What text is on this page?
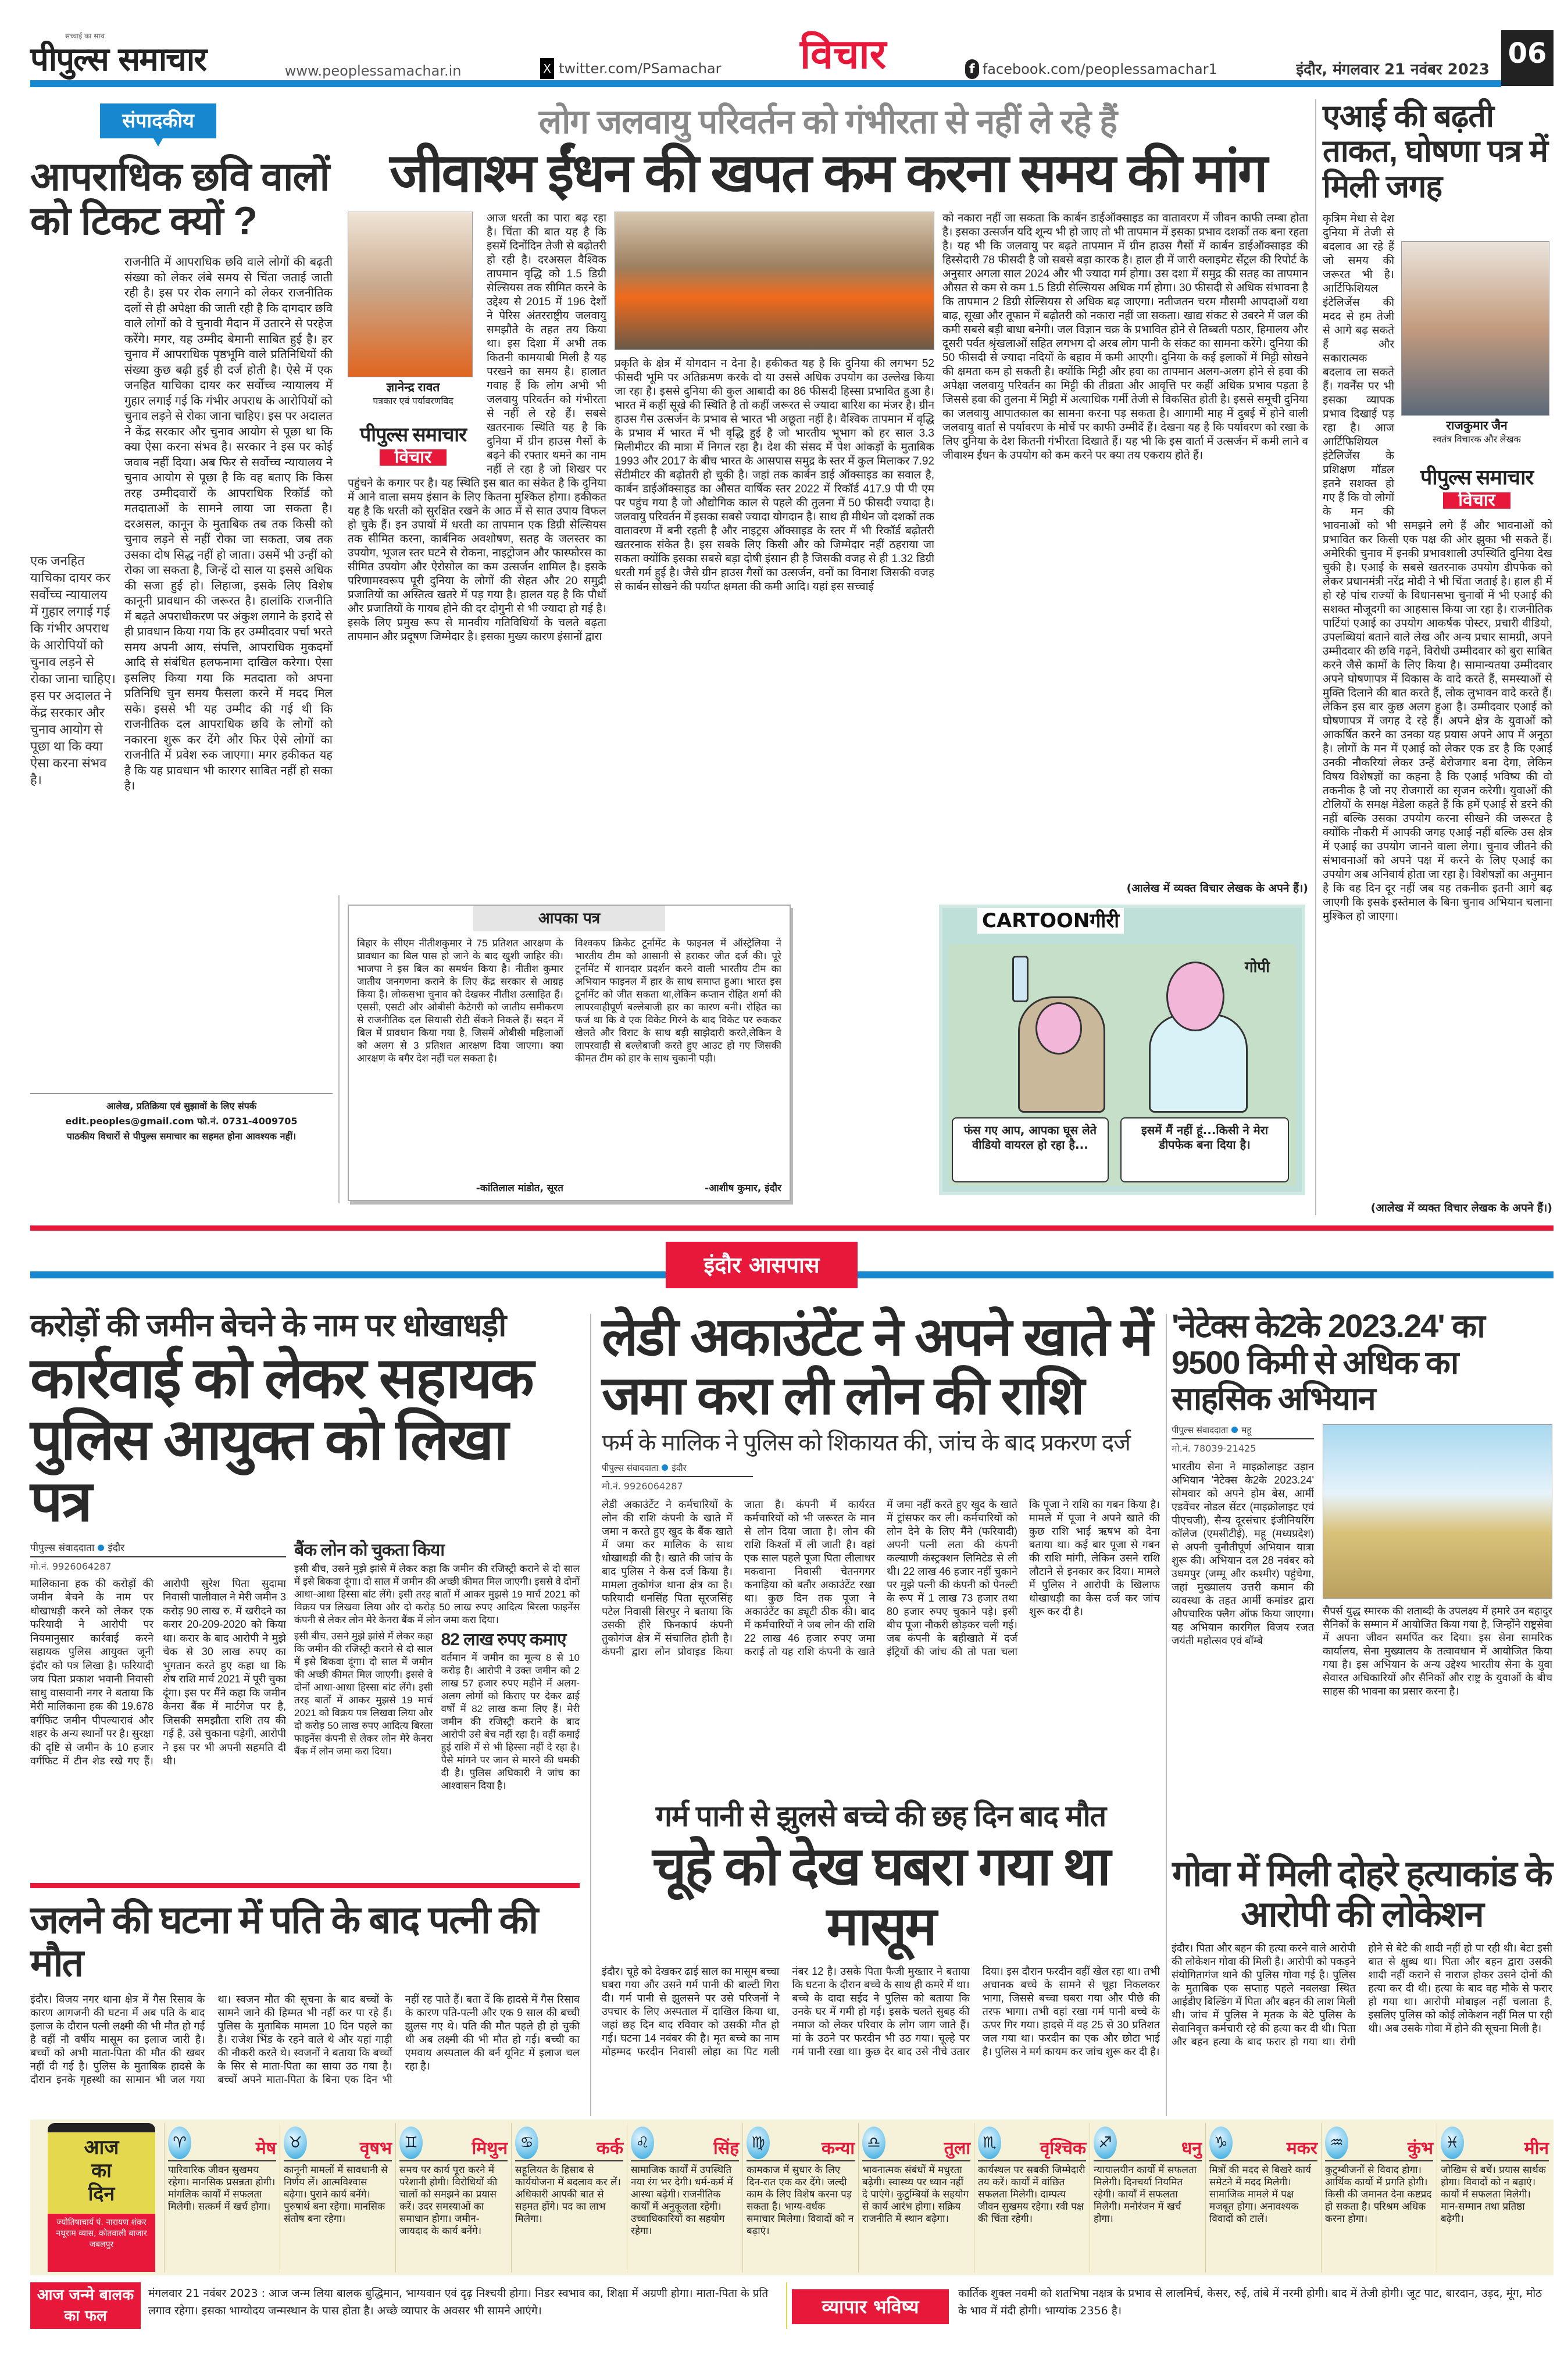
सच्चाई का साथ
पीपुल्स समाचार	www.peoplessamachar.in	X twitter.com/PSamachar विचार	f facebook.com/peoplessamachar1	इंदौर, मंगलवार 21 नवंबर 2023 06
संपादकीय
आपराधिक छवि वालों को टिकट क्यों ?
एक जनहित याचिका दायर कर सर्वोच्च न्यायालय में गुहार लगाई गई कि गंभीर अपराध के आरोपियों को चुनाव लड़ने से रोका जाना चाहिए। इस पर अदालत ने केंद्र सरकार और चुनाव आयोग से पूछा था कि क्या ऐसा करना संभव है।
राजनीति में आपराधिक छवि वाले लोगों की बढ़ती संख्या को लेकर लंबे समय से चिंता जताई जाती रही है। इस पर रोक लगाने को लेकर राजनीतिक दलों से ही अपेक्षा की जाती रही है कि दागदार छवि वाले लोगों को वे चुनावी मैदान में उतारने से परहेज करेंगे। मगर, यह उम्मीद बेमानी साबित हुई है। हर चुनाव में आपराधिक पृष्ठभूमि वाले प्रतिनिधियों की संख्या कुछ बढ़ी हुई ही दर्ज होती है। ऐसे में एक जनहित याचिका दायर कर सर्वोच्च न्यायालय में गुहार लगाई गई कि गंभीर अपराध के आरोपियों को चुनाव लड़ने से रोका जाना चाहिए। इस पर अदालत ने केंद्र सरकार और चुनाव आयोग से पूछा था कि क्या ऐसा करना संभव है। सरकार ने इस पर कोई जवाब नहीं दिया। अब फिर से सर्वोच्च न्यायालय ने चुनाव आयोग से पूछा है कि वह बताए कि किस तरह उम्मीदवारों के आपराधिक रिकॉर्ड को मतदाताओं के सामने लाया जा सकता है। दरअसल, कानून के मुताबिक तब तक किसी को चुनाव लड़ने से नहीं रोका जा सकता, जब तक उसका दोष सिद्ध नहीं हो जाता। उसमें भी उन्हीं को रोका जा सकता है, जिन्हें दो साल या इससे अधिक की सजा हुई हो। लिहाजा, इसके लिए विशेष कानूनी प्रावधान की जरूरत है। हालांकि राजनीति में बढ़ते अपराधीकरण पर अंकुश लगाने के इरादे से ही प्रावधान किया गया कि हर उम्मीदवार पर्चा भरते समय अपनी आय, संपत्ति, आपराधिक मुकदमों आदि से संबंधित हलफनामा दाखिल करेगा। ऐसा इसलिए किया गया कि मतदाता को अपना प्रतिनिधि चुन समय फैसला करने में मदद मिल सके। इससे भी यह उम्मीद की गई थी कि राजनीतिक दल आपराधिक छवि के लोगों को नकारना शुरू कर देंगे और फिर ऐसे लोगों का राजनीति में प्रवेश रुक जाएगा। मगर हकीकत यह है कि यह प्रावधान भी कारगर साबित नहीं हो सका है।
आलेख, प्रतिक्रिया एवं सुझावों के लिए संपर्क
edit.peoples@gmail.com फो.नं. 0731-4009705
पाठकीय विचारों से पीपुल्स समाचार का सहमत होना आवश्यक नहीं।
लोग जलवायु परिवर्तन को गंभीरता से नहीं ले रहे हैं
जीवाश्म ईंधन की खपत कम करना समय की मांग
ज्ञानेन्द्र रावत
पत्रकार एवं पर्यावरणविद
पीपुल्स समाचार
विचार
आज धरती का पारा बढ़ रहा है। चिंता की बात यह है कि इसमें दिनोंदिन तेजी से बढ़ोतरी हो रही है। दरअसल वैश्विक तापमान वृद्धि को 1.5 डिग्री सेल्सियस तक सीमित करने के उद्देश्य से 2015 में 196 देशों ने पेरिस अंतरराष्ट्रीय जलवायु समझौते के तहत तय किया था। इस दिशा में अभी तक कितनी कामयाबी मिली है यह परखने का समय है। हालात गवाह हैं कि लोग अभी भी जलवायु परिवर्तन को गंभीरता से नहीं ले रहे हैं। सबसे खतरनाक स्थिति यह है कि दुनिया में ग्रीन हाउस गैसों के बढ़ने की रफ्तार थमने का नाम नहीं ले रहा है जो शिखर पर पहुंचने के कगार पर है। यह स्थिति इस बात का संकेत है कि दुनिया में आने वाला समय इंसान के लिए कितना मुश्किल होगा। हकीकत यह है कि धरती को सुरक्षित रखने के आठ में से सात उपाय विफल हो चुके हैं। इन उपायों में धरती का तापमान एक डिग्री सेल्सियस तक सीमित करना, कार्बनिक अवशोषण, सतह के जलस्तर का उपयोग, भूजल स्तर घटने से रोकना, नाइट्रोजन और फास्फोरस का सीमित उपयोग और ऐरोसोल का कम उत्सर्जन शामिल है। इसके परिणामस्वरूप पूरी दुनिया के लोगों की सेहत और 20 समुद्री प्रजातियों का अस्तित्व खतरे में पड़ गया है। हालत यह है कि पौधों और प्रजातियों के गायब होने की दर दोगुनी से भी ज्यादा हो गई है। इसके लिए प्रमुख रूप से मानवीय गतिविधियों के चलते बढ़ता तापमान और प्रदूषण जिम्मेदार है। इसका मुख्य कारण इंसानों द्वारा
प्रकृति के क्षेत्र में योगदान न देना है। हकीकत यह है कि दुनिया की लगभग 52 फीसदी भूमि पर अतिक्रमण करके दो या उससे अधिक उपयोग का उल्लेख किया जा रहा है। इससे दुनिया की कुल आबादी का 86 फीसदी हिस्सा प्रभावित हुआ है। भारत में कहीं सूखे की स्थिति है तो कहीं जरूरत से ज्यादा बारिश का मंजर है। ग्रीन हाउस गैस उत्सर्जन के प्रभाव से भारत भी अछूता नहीं है। वैश्विक तापमान में वृद्धि के प्रभाव में भारत में भी वृद्धि हुई है जो भारतीय भूभाग को हर साल 3.3 मिलीमीटर की मात्रा में निगल रहा है। देश की संसद में पेश आंकड़ों के मुताबिक 1993 और 2017 के बीच भारत के आसपास समुद्र के स्तर में कुल मिलाकर 7.92 सेंटीमीटर की बढ़ोतरी हो चुकी है। जहां तक कार्बन डाई ऑक्साइड का सवाल है, कार्बन डाईऑक्साइड का औसत वार्षिक स्तर 2022 में रिकॉर्ड 417.9 पी पी एम पर पहुंच गया है जो औद्योगिक काल से पहले की तुलना में 50 फीसदी ज्यादा है। जलवायु परिवर्तन में इसका सबसे ज्यादा योगदान है। साथ ही मीथेन जो दशकों तक वातावरण में बनी रहती है और नाइट्रस ऑक्साइड के स्तर में भी रिकॉर्ड बढ़ोतरी खतरनाक संकेत है। इस सबके लिए किसी और को जिम्मेदार नहीं ठहराया जा सकता क्योंकि इसका सबसे बड़ा दोषी इंसान ही है जिसकी वजह से ही 1.32 डिग्री धरती गर्म हुई है। जैसे ग्रीन हाउस गैसों का उत्सर्जन, वनों का विनाश जिसकी वजह से कार्बन सोखने की पर्याप्त क्षमता की कमी आदि। यहां इस सच्चाई
को नकारा नहीं जा सकता कि कार्बन डाईऑक्साइड का वातावरण में जीवन काफी लम्बा होता है। इसका उत्सर्जन यदि शून्य भी हो जाए तो भी तापमान में इसका प्रभाव दशकों तक बना रहता है। यह भी कि जलवायु पर बढ़ते तापमान में ग्रीन हाउस गैसों में कार्बन डाईऑक्साइड की हिस्सेदारी 78 फीसदी है जो सबसे बड़ा कारक है। हाल ही में जारी क्लाइमेट सेंट्रल की रिपोर्ट के अनुसार अगला साल 2024 और भी ज्यादा गर्म होगा। उस दशा में समुद्र की सतह का तापमान औसत से कम से कम 1.5 डिग्री सेल्सियस अधिक गर्म होगा। 30 फीसदी से अधिक संभावना है कि तापमान 2 डिग्री सेल्सियस से अधिक बढ़ जाएगा। नतीजतन चरम मौसमी आपदाओं यथा बाढ़, सूखा और तूफान में बढ़ोतरी को नकारा नहीं जा सकता। खाद्य संकट से उबरने में जल की कमी सबसे बड़ी बाधा बनेगी। जल विज्ञान चक्र के प्रभावित होने से तिब्बती पठार, हिमालय और दूसरी पर्वत श्रृंखलाओं सहित लगभग दो अरब लोग पानी के संकट का सामना करेंगे। दुनिया की 50 फीसदी से ज्यादा नदियों के बहाव में कमी आएगी। दुनिया के कई इलाकों में मिट्टी सोखने की क्षमता कम हो सकती है। क्योंकि मिट्टी और हवा का तापमान अलग-अलग होने से हवा की अपेक्षा जलवायु परिवर्तन का मिट्टी की तीव्रता और आवृत्ति पर कहीं अधिक प्रभाव पड़ता है जिससे हवा की तुलना में मिट्टी में अत्याधिक गर्मी तेजी से विकसित होती है। इससे समूची दुनिया का जलवायु आपातकाल का सामना करना पड़ सकता है। आगामी माह में दुबई में होने वाली जलवायु वार्ता से पर्यावरण के मोर्चे पर काफी उम्मीदें हैं। देखना यह है कि पर्यावरण को रखा के लिए दुनिया के देश कितनी गंभीरता दिखाते हैं। यह भी कि इस वार्ता में उत्सर्जन में कमी लाने व जीवाश्म ईंधन के उपयोग को कम करने पर क्या तय एकराय होते हैं।
(आलेख में व्यक्त विचार लेखक के अपने हैं।)
एआई की बढ़ती ताकत, घोषणा पत्र में मिली जगह
राजकुमार जैन
स्वतंत्र विचारक और लेखक
पीपुल्स समाचार
विचार
कृत्रिम मेधा से देश दुनिया में तेजी से बदलाव आ रहे हैं जो समय की जरूरत भी है। आर्टिफिशियल इंटेलिजेंस की मदद से हम तेजी से आगे बढ़ सकते हैं और सकारात्मक बदलाव ला सकते हैं। गवर्नेंस पर भी इसका व्यापक प्रभाव दिखाई पड़ रहा है। आज आर्टिफिशियल इंटेलिजेंस के प्रशिक्षण मॉडल इतने सशक्त हो गए हैं कि वो लोगों के मन की भावनाओं को भी समझने लगे हैं और भावनाओं को प्रभावित कर किसी एक पक्ष की ओर झुका भी सकते हैं। अमेरिकी चुनाव में इनकी प्रभावशाली उपस्थिति दुनिया देख चुकी है। एआई के सबसे खतरनाक उपयोग डीपफेक को लेकर प्रधानमंत्री नरेंद्र मोदी ने भी चिंता जताई है। हाल ही में हो रहे पांच राज्यों के विधानसभा चुनावों में भी एआई की सशक्त मौजूदगी का आहसास किया जा रहा है। राजनीतिक पार्टियां एआई का उपयोग आकर्षक पोस्टर, प्रचारी वीडियो, उपलब्धियां बताने वाले लेख और अन्य प्रचार सामग्री, अपने उम्मीदवार की छवि गढ़ने, विरोधी उम्मीदवार को बुरा साबित करने जैसे कामों के लिए किया है। सामान्यतया उम्मीदवार अपने घोषणापत्र में विकास के वादे करते हैं, समस्याओं से मुक्ति दिलाने की बात करते हैं, लोक लुभावन वादे करते हैं। लेकिन इस बार कुछ अलग हुआ है। उम्मीदवार एआई को घोषणापत्र में जगह दे रहे हैं। अपने क्षेत्र के युवाओं को आकर्षित करने का उनका यह प्रयास अपने आप में अनूठा है। लोगों के मन में एआई को लेकर एक डर है कि एआई उनकी नौकरियां लेकर उन्हें बेरोजगार बना देगा, लेकिन विषय विशेषज्ञों का कहना है कि एआई भविष्य की वो तकनीक है जो नए रोजगारों का सृजन करेगी। युवाओं की टोलियों के समक्ष मेंडेला कहते हैं कि हमें एआई से डरने की नहीं बल्कि उसका उपयोग करना सीखने की जरूरत है क्योंकि नौकरी में आपकी जगह एआई नहीं बल्कि उस क्षेत्र में एआई का उपयोग जानने वाला लेगा। चुनाव जीतने की संभावनाओं को अपने पक्ष में करने के लिए एआई का उपयोग अब अनिवार्य होता जा रहा है। विशेषज्ञों का अनुमान है कि वह दिन दूर नहीं जब यह तकनीक इतनी आगे बढ़ जाएगी कि इसके इस्तेमाल के बिना चुनाव अभियान चलाना मुश्किल हो जाएगा।
(आलेख में व्यक्त विचार लेखक के अपने हैं।)
आपका पत्र
बिहार के सीएम नीतीशकुमार ने 75 प्रतिशत आरक्षण के प्रावधान का बिल पास हो जाने के बाद खुशी जाहिर की। भाजपा ने इस बिल का समर्थन किया है। नीतीश कुमार जातीय जनगणना कराने के लिए केंद्र सरकार से आग्रह किया है। लोकसभा चुनाव को देखकर नीतीश उत्साहित हैं। एससी, एसटी और ओबीसी कैटेगरी को जातीय समीकरण से राजनीतिक दल सियासी रोटी सेंकने निकले हैं। सदन में बिल में प्रावधान किया गया है, जिसमें ओबीसी महिलाओं को अलग से 3 प्रतिशत आरक्षण दिया जाएगा। क्या आरक्षण के बगैर देश नहीं चल सकता है।
-कांतिलाल मांडोत, सूरत
विश्वकप क्रिकेट टूर्नामेंट के फाइनल में ऑस्ट्रेलिया ने भारतीय टीम को आसानी से हराकर जीत दर्ज की। पूरे टूर्नामेंट में शानदार प्रदर्शन करने वाली भारतीय टीम का अभियान फाइनल में हार के साथ समाप्त हुआ। भारत इस टूर्नामेंट को जीत सकता था,लेकिन कप्तान रोहित शर्मा की लापरवाहीपूर्ण बल्लेबाजी हार का कारण बनी। रोहित का फर्ज था कि वे एक विकेट गिरने के बाद विकेट पर रुककर खेलते और विराट के साथ बड़ी साझेदारी करते,लेकिन वे लापरवाही से बल्लेबाजी करते हुए आउट हो गए जिसकी कीमत टीम को हार के साथ चुकानी पड़ी।
-आशीष कुमार, इंदौर
CARTOONगीरी
गोपी
फंस गए आप, आपका घूस लेते वीडियो वायरल हो रहा है...
इसमें मैं नहीं हूं...किसी ने मेरा डीपफेक बना दिया है।
इंदौर आसपास
करोड़ों की जमीन बेचने के नाम पर धोखाधड़ी
कार्रवाई को लेकर सहायक पुलिस आयुक्त को लिखा पत्र
पीपुल्स संवाददाता इंदौर
मो.नं. 9926064287
मालिकाना हक की करोड़ों की जमीन बेचने के नाम पर धोखाधड़ी करने को लेकर एक फरियादी ने आरोपी पर नियमानुसार कार्रवाई करने सहायक पुलिस आयुक्त जूनी इंदौर को पत्र लिखा है। फरियादी जय पिता प्रकाश भवानी निवासी साधु वासवानी नगर ने बताया कि मेरी मालिकाना हक की 19.678 वर्गफिट जमीन पीपल्यारावं और शहर के अन्य स्थानों पर है। सुरक्षा की दृष्टि से जमीन के 10 हजार वर्गफिट में टीन शेड रखे गए हैं। आरोपी सुरेश पिता सुदामा निवासी पालीवाल ने मेरी जमीन 3 करोड़ 90 लाख रु. में खरीदने का करार 20-209-2020 को किया था। करार के बाद आरोपी ने मुझे चेक से 30 लाख रुपए का भुगतान करते हुए कहा था कि शेष राशि मार्च 2021 में पूरी चुका दूंगा। इस पर मैंने कहा कि जमीन केनरा बैंक में मार्टगेज पर है, जिसकी समझौता राशि तय की गई है, उसे चुकाना पड़ेगी, आरोपी ने इस पर भी अपनी सहमति दी थी।
बैंक लोन को चुकता किया
इसी बीच, उसने मुझे झांसे में लेकर कहा कि जमीन की रजिस्ट्री कराने से दो साल में इसे बिकवा दूंगा। दो साल में जमीन की अच्छी कीमत मिल जाएगी। इससे वे दोनों आधा-आधा हिस्सा बांट लेंगे। इसी तरह बातों में आकर मुझसे 19 मार्च 2021 को विक्रय पत्र लिखवा लिया और दो करोड़ 50 लाख रुपए आदित्य बिरला फाइनेंस कंपनी से लेकर लोन मेरे केनरा बैंक में लोन जमा करा दिया।
इसी बीच, उसने मुझे झांसे में लेकर कहा कि जमीन की रजिस्ट्री कराने से दो साल में इसे बिकवा दूंगा। दो साल में जमीन की अच्छी कीमत मिल जाएगी। इससे वे दोनों आधा-आधा हिस्सा बांट लेंगे। इसी तरह बातों में आकर मुझसे 19 मार्च 2021 को विक्रय पत्र लिखवा लिया और दो करोड़ 50 लाख रुपए आदित्य बिरला फाइनेंस कंपनी से लेकर लोन मेरे केनरा बैंक में लोन जमा करा दिया।
82 लाख रुपए कमाए
वर्तमान में जमीन का मूल्य 8 से 10 करोड़ है। आरोपी ने उक्त जमीन को 2 लाख 57 हजार रुपए महीने में अलग-अलग लोगों को किराए पर देकर ढाई वर्षों में 82 लाख कमा लिए हैं। मेरी जमीन की रजिस्ट्री कराने के बाद आरोपी उसे बेच नहीं रहा है। वहीं कमाई हुई राशि में से भी हिस्सा नहीं दे रहा है। पैसे मांगने पर जान से मारने की धमकी दी है। पुलिस अधिकारी ने जांच का आश्वासन दिया है।
जलने की घटना में पति के बाद पत्नी की मौत
इंदौर। विजय नगर थाना क्षेत्र में गैस रिसाव के कारण आगजनी की घटना में अब पति के बाद इलाज के दौरान पत्नी लक्ष्मी की भी मौत हो गई है वहीं नौ वर्षीय मासूम का इलाज जारी है। बच्चों को अभी माता-पिता की मौत की खबर नहीं दी गई है। पुलिस के मुताबिक हादसे के दौरान इनके गृहस्थी का सामान भी जल गया था। स्वजन मौत की सूचना के बाद बच्चों के सामने जाने की हिम्मत भी नहीं कर पा रहे हैं। पुलिस के मुताबिक मामला 10 दिन पहले का है। राजेश भिंड के रहने वाले थे और यहां गाड़ी की नौकरी करते थे। स्वजनों ने बताया कि बच्चों के सिर से माता-पिता का साया उठ गया है। बच्चों अपने माता-पिता के बिना एक दिन भी नहीं रह पाते हैं। बता दें कि हादसे में गैस रिसाव के कारण पति-पत्नी और एक 9 साल की बच्ची झुलस गए थे। पति की मौत पहले ही हो चुकी थी अब लक्ष्मी की भी मौत हो गई। बच्ची का एमवाय अस्पताल की बर्न यूनिट में इलाज चल रहा है।
लेडी अकाउंटेंट ने अपने खाते में जमा करा ली लोन की राशि
फर्म के मालिक ने पुलिस को शिकायत की, जांच के बाद प्रकरण दर्ज
पीपुल्स संवाददाता इंदौर
मो.नं. 9926064287
लेडी अकाउंटेंट ने कर्मचारियों के लोन की राशि कंपनी के खाते में जमा न करते हुए खुद के बैंक खाते में जमा कर मालिक के साथ धोखाधड़ी की है। खाते की जांच के बाद पुलिस ने केस दर्ज किया है। मामला तुकोगंज थाना क्षेत्र का है। फरियादी धनसिंह पिता सूरजसिंह पटेल निवासी सिरपुर ने बताया कि उसकी हीरे फिनकार्प कंपनी तुकोगंज क्षेत्र में संचालित होती है। कंपनी द्वारा लोन प्रोवाइड किया जाता है। कंपनी में कार्यरत कर्मचारियों को भी जरूरत के मान से लोन दिया जाता है। लोन की राशि किश्तों में ली जाती है। वहां एक साल पहले पूजा पिता लीलाधर मकवाना निवासी चेतनगगर कनाड़िया को बतौर अकाउंटेंट रखा था। कुछ दिन तक पूजा ने अकाउंटेंट का ड्यूटी ठीक की। बाद में कर्मचारियों ने जब लोन की राशि 22 लाख 46 हजार रुपए जमा कराई तो यह राशि कंपनी के खाते में जमा नहीं करते हुए खुद के खाते में ट्रांसफर कर ली। कर्मचारियों को लोन देने के लिए मैंने (फरियादी) अपनी पत्नी लता की कंपनी कल्याणी कंस्ट्रक्शन लिमिटेड से ली थी। 22 लाख 46 हजार नहीं चुकाने पर मुझे पत्नी की कंपनी को पेनल्टी के रूप में 1 लाख 73 हजार तथा 80 हजार रुपए चुकाने पड़े। इसी बीच पूजा नौकरी छोड़कर चली गई। जब कंपनी के बहीखाते में दर्ज इंट्रियों की जांच की तो पता चला कि पूजा ने राशि का गबन किया है। मामले में पूजा ने अपने खाते की कुछ राशि भाई ऋषभ को देना बताया था। कई बार पूजा से गबन की राशि मांगी, लेकिन उसने राशि लौटाने से इनकार कर दिया। मामले में पुलिस ने आरोपी के खिलाफ धोखाधड़ी का केस दर्ज कर जांच शुरू कर दी है।
गर्म पानी से झुलसे बच्चे की छह दिन बाद मौत
चूहे को देख घबरा गया था मासूम
इंदौर। चूहे को देखकर ढाई साल का मासूम बच्चा घबरा गया और उसने गर्म पानी की बाल्टी गिरा दी। गर्म पानी से झुलसने पर उसे परिजनों ने उपचार के लिए अस्पताल में दाखिल किया था, जहां छह दिन बाद रविवार को उसकी मौत हो गई। घटना 14 नवंबर की है। मृत बच्चे का नाम मोहम्मद फरदीन निवासी लोहा का पिट गली नंबर 12 है। उसके पिता फैजी मुख्तार ने बताया कि घटना के दौरान बच्चे के साथ ही कमरे में था। बच्चे के दादा सईद ने पुलिस को बताया कि उनके घर में गमी हो गई। इसके चलते सुबह की नमाज को लेकर परिवार के लोग जाग जाते हैं। मां के उठने पर फरदीन भी उठ गया। चूल्हे पर गर्म पानी रखा था। कुछ देर बाद उसे नीचे उतार दिया। इस दौरान फरदीन वहीं खेल रहा था। तभी अचानक बच्चे के सामने से चूहा निकलकर भागा, जिससे बच्चा घबरा गया और पीछे की तरफ भागा। तभी वहां रखा गर्म पानी बच्चे के ऊपर गिर गया। हादसे में वह 25 से 30 प्रतिशत जल गया था। फरदीन का एक और छोटा भाई है। पुलिस ने मर्ग कायम कर जांच शुरू कर दी है।
'नेटेक्स के2के 2023.24' का 9500 किमी से अधिक का साहसिक अभियान
पीपुल्स संवाददाता महू
मो.नं. 78039-21425
भारतीय सेना ने माइक्रोलाइट उड़ान अभियान 'नेटेक्स के2के 2023.24' सोमवार को अपने होम बेस, आर्मी एडवेंचर नोडल सेंटर (माइक्रोलाइट एवं पीएचजी), सैन्य दूरसंचार इंजीनियरिंग कॉलेज (एमसीटीई), महू (मध्यप्रदेश) से अपनी चुनौतीपूर्ण अभियान यात्रा शुरू की। अभियान दल 28 नवंबर को उधमपुर (जम्मू और कश्मीर) पहुंचेगा, जहां मुख्यालय उत्तरी कमान की व्यवस्था के तहत आर्मी कमांडर द्वारा औपचारिक फ्लैग ऑफ किया जाएगा। यह अभियान कारगिल विजय रजत जयंती महोत्सव एवं बॉम्बे
सैपर्स युद्ध स्मारक की शताब्दी के उपलक्ष्य में हमारे उन बहादुर सैनिकों के सम्मान में आयोजित किया गया है, जिन्होंने राष्ट्रसेवा में अपना जीवन समर्पित कर दिया। इस सेना सामरिक कार्यालय, सेना मुख्यालय के तत्वावधान में आयोजित किया गया है। इस अभियान के अन्य उद्देश्य भारतीय सेना के युवा सेवारत अधिकारियों और सैनिकों और राष्ट्र के युवाओं के बीच साहस की भावना का प्रसार करना है।
गोवा में मिली दोहरे हत्याकांड के आरोपी की लोकेशन
इंदौर। पिता और बहन की हत्या करने वाले आरोपी की लोकेशन गोवा की मिली है। आरोपी को पकड़ने संयोगितागंज थाने की पुलिस गोवा गई है। पुलिस के मुताबिक एक सप्ताह पहले नवलखा स्थित आईडीए बिल्डिंग में पिता और बहन की लाश मिली थी। जांच में पुलिस ने मृतक के बेटे पुलिस के सेवानिवृत्त कर्मचारी रहे की हत्या कर दी थी। पिता और बहन हत्या के बाद फरार हो गया था। रोगी होने से बेटे की शादी नहीं हो पा रही थी। बेटा इसी बात से क्षुब्ध था। पिता और बहन द्वारा उसकी शादी नहीं कराने से नाराज होकर उसने दोनों की हत्या कर दी थी। हत्या के बाद वह मौके से फरार हो गया था। आरोपी मोबाइल नहीं चलाता है, इसलिए पुलिस को कोई लोकेशन नहीं मिल पा रही थी। अब उसके गोवा में होने की सूचना मिली है।
आज
का
दिन
ज्योतिषाचार्य पं. नारायण शंकर नथूराम व्यास, कोतवाली बाजार जबलपुर
♈	मेष
पारिवारिक जीवन सुखमय रहेगा। मानसिक प्रसन्नता होगी। मांगलिक कार्यों में सफलता मिलेगी। सत्कर्म में खर्च होगा।
♉	वृषभ
कानूनी मामलों में सावधानी से निर्णय लें। आत्मविश्वास बढ़ेगा। पुराने कार्य बनेंगे। पुरुषार्थ बना रहेगा। मानसिक संतोष बना रहेगा।
♊	मिथुन
समय पर कार्य पूरा करने में परेशानी होगी। विरोधियों की चालों को समझने का प्रयास करें। उदर समस्याओं का समाधान होगा। जमीन-जायदाद के कार्य बनेंगे।
♋	कर्क
सहूलियत के हिसाब से कार्ययोजना में बदलाव कर लें। अधिकारी आपकी बात से सहमत होंगे। पद का लाभ मिलेगा।
♌	सिंह
सामाजिक कार्यों में उपस्थिति नया रंग भर देगी। धर्म-कर्म में आस्था बढ़ेगी। राजनीतिक कार्यों में अनुकूलता रहेगी। उच्चाधिकारियों का सहयोग रहेगा।
♍	कन्या
कामकाज में सुधार के लिए दिन-रात एक कर देंगे। जल्दी काम के लिए विशेष करना पड़ सकता है। भाग्य-वर्धक समाचार मिलेगा। विवादों को न बढ़ाएं।
♎	तुला
भावनात्मक संबंधों में मधुरता बढ़ेगी। स्वास्थ्य पर ध्यान नहीं दे पाएंगे। कुटुम्बियों के सहयोग से कार्य आरंभ होगा। सक्रिय राजनीति में स्थान बढ़ेगा।
♏	वृश्चिक
कार्यस्थल पर सबकी जिम्मेदारी तय करें। कार्यों में वांछित सफलता मिलेगी। दाम्पत्य जीवन सुखमय रहेगा। रवी पक्ष की चिंता रहेगी।
♐	धनु
न्यायालयीन कार्यों में सफलता मिलेगी। दिनचर्या नियमित रहेगी। कार्यों में सफलता मिलेगी। मनोरंजन में खर्च होगा।
♑	मकर
मित्रों की मदद से बिखरे कार्य समेटने में मदद मिलेगी। सामाजिक मामले में पक्ष मजबूत होगा। अनावश्यक विवादों को टालें।
♒	कुंभ
कुटुम्बीजनों से विवाद होगा। आर्थिक कार्यों में प्रगति होगी। किसी की जमानत देना कष्टप्रद हो सकता है। परिश्रम अधिक करना होगा।
♓	मीन
जोखिम से बचें। प्रयास सार्थक होगा। विवादों को न बढ़ाएं। कार्यों में सफलता मिलेगी। मान-सम्मान तथा प्रतिष्ठा बढ़ेगी।
आज जन्मे बालक का फल
मंगलवार 21 नवंबर 2023 : आज जन्म लिया बालक बुद्धिमान, भाग्यवान एवं दृढ़ निश्चयी होगा। निडर स्वभाव का, शिक्षा में अग्रणी होगा। माता-पिता के प्रति लगाव रहेगा। इसका भाग्योदय जन्मस्थान के पास होता है। अच्छे व्यापार के अवसर भी सामने आएंगे।	व्यापार भविष्य
कार्तिक शुक्ल नवमी को शतभिषा नक्षत्र के प्रभाव से लालमिर्च, केसर, रुई, तांबे में नरमी होगी। बाद में तेजी होगी। जूट पाट, बारदान, उड़द, मूंग, मोठ के भाव में मंदी होगी। भाग्यांक 2356 है।
